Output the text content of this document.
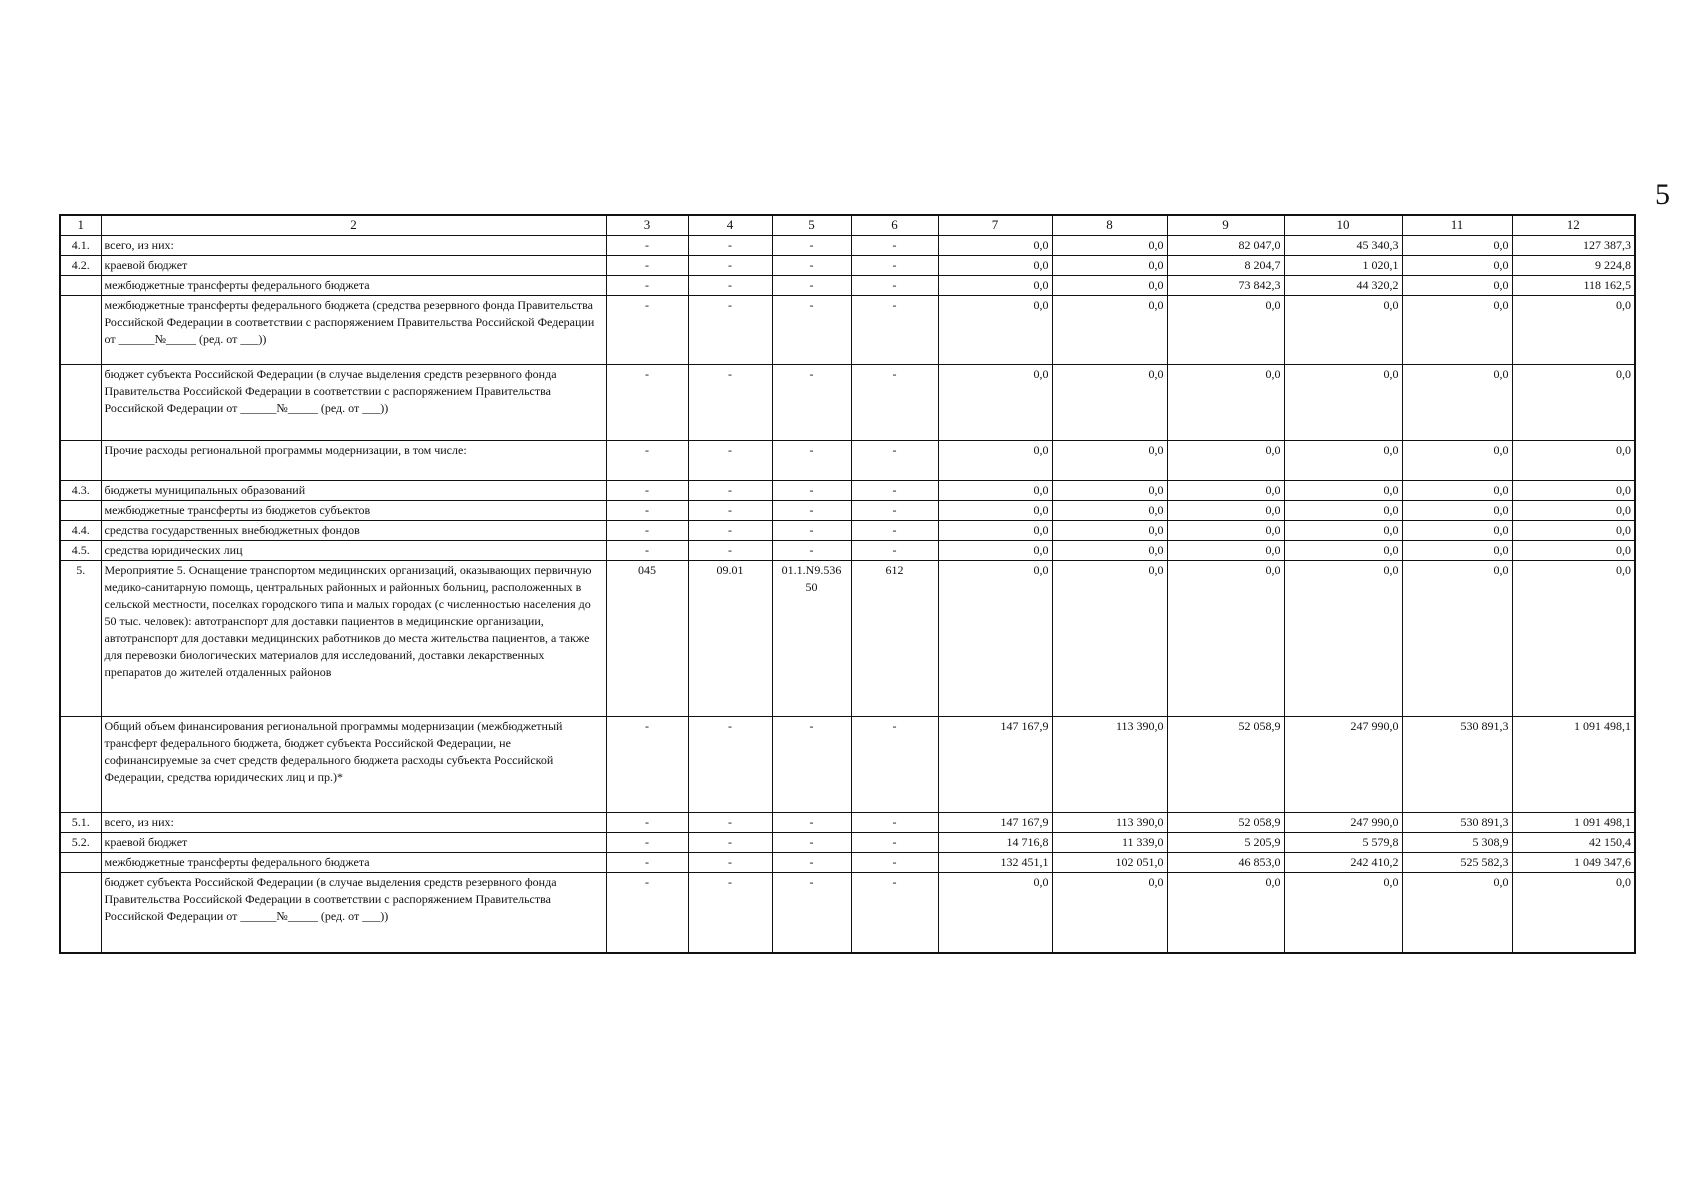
5
1	2	3	4	5	6	7	8	9	10	11	12
4.1.	всего, из них:	-	-	-	-	0,0	0,0	82 047,0	45 340,3	0,0	127 387,3
4.2.	краевой бюджет	-	-	-	-	0,0	0,0	8 204,7	1 020,1	0,0	9 224,8
	межбюджетные трансферты федерального бюджета	-	-	-	-	0,0	0,0	73 842,3	44 320,2	0,0	118 162,5
	межбюджетные трансферты федерального бюджета (средства резервного фонда Правительства Российской Федерации в соответствии с распоряжением Правительства Российской Федерации от ______№_____ (ред. от ___))	-	-	-	-	0,0	0,0	0,0	0,0	0,0	0,0
	бюджет субъекта Российской Федерации (в случае выделения средств резервного фонда Правительства Российской Федерации в соответствии с распоряжением Правительства Российской Федерации от ______№_____ (ред. от ___))	-	-	-	-	0,0	0,0	0,0	0,0	0,0	0,0
	Прочие расходы региональной программы модернизации, в том числе:	-	-	-	-	0,0	0,0	0,0	0,0	0,0	0,0
4.3.	бюджеты муниципальных образований	-	-	-	-	0,0	0,0	0,0	0,0	0,0	0,0
	межбюджетные трансферты из бюджетов субъектов	-	-	-	-	0,0	0,0	0,0	0,0	0,0	0,0
4.4.	средства государственных внебюджетных фондов	-	-	-	-	0,0	0,0	0,0	0,0	0,0	0,0
4.5.	средства юридических лиц	-	-	-	-	0,0	0,0	0,0	0,0	0,0	0,0
5.	Мероприятие 5. Оснащение транспортом медицинских организаций, оказывающих первичную медико-санитарную помощь, центральных районных и районных больниц, расположенных в сельской местности, поселках городского типа и малых городах (с численностью населения до 50 тыс. человек): автотранспорт для доставки пациентов в медицинские организации, автотранспорт для доставки медицинских работников до места жительства пациентов, а также для перевозки биологических материалов для исследований, доставки лекарственных препаратов до жителей отдаленных районов	045	09.01	01.1.N9.536 50	612	0,0	0,0	0,0	0,0	0,0	0,0
	Общий объем финансирования региональной программы модернизации (межбюджетный трансферт федерального бюджета, бюджет субъекта Российской Федерации, не софинансируемые за счет средств федерального бюджета расходы субъекта Российской Федерации, средства юридических лиц и пр.)*	-	-	-	-	147 167,9	113 390,0	52 058,9	247 990,0	530 891,3	1 091 498,1
5.1.	всего, из них:	-	-	-	-	147 167,9	113 390,0	52 058,9	247 990,0	530 891,3	1 091 498,1
5.2.	краевой бюджет	-	-	-	-	14 716,8	11 339,0	5 205,9	5 579,8	5 308,9	42 150,4
	межбюджетные трансферты федерального бюджета	-	-	-	-	132 451,1	102 051,0	46 853,0	242 410,2	525 582,3	1 049 347,6
	бюджет субъекта Российской Федерации (в случае выделения средств резервного фонда Правительства Российской Федерации в соответствии с распоряжением Правительства Российской Федерации от ______№_____ (ред. от ___))	-	-	-	-	0,0	0,0	0,0	0,0	0,0	0,0
